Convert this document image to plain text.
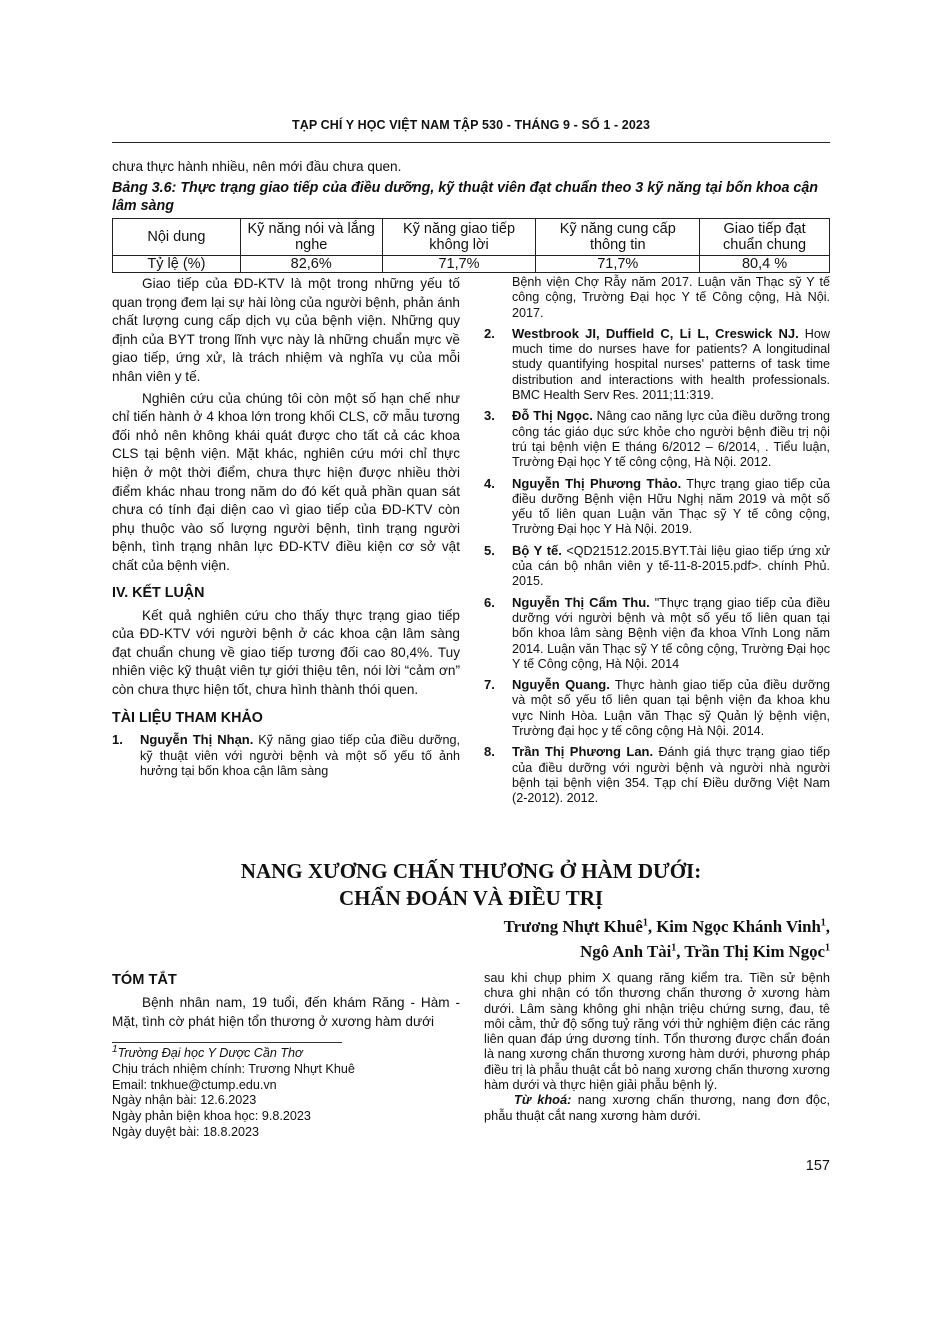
TẠP CHÍ Y HỌC VIỆT NAM TẬP 530 - THÁNG 9 - SỐ 1 - 2023

chưa thực hành nhiều, nên mới đầu chưa quen.

Bảng 3.6: Thực trạng giao tiếp của điều dưỡng, kỹ thuật viên đạt chuẩn theo 3 kỹ năng tại bốn khoa cận lâm sàng
Nội dung	Kỹ năng nói và lắng nghe	Kỹ năng giao tiếp không lời	Kỹ năng cung cấp thông tin	Giao tiếp đạt chuẩn chung
Tỷ lệ (%)	82,6%	71,7%	71,7%	80,4 %

Giao tiếp của ĐD-KTV là một trong những yếu tố quan trọng đem lại sự hài lòng của người bệnh, phản ánh chất lượng cung cấp dịch vụ của bệnh viện. Những quy định của BYT trong lĩnh vực này là những chuẩn mực về giao tiếp, ứng xử, là trách nhiệm và nghĩa vụ của mỗi nhân viên y tế.

Nghiên cứu của chúng tôi còn một số hạn chế như chỉ tiến hành ở 4 khoa lớn trong khối CLS, cỡ mẫu tương đối nhỏ nên không khái quát được cho tất cả các khoa CLS tại bệnh viện. Mặt khác, nghiên cứu mới chỉ thực hiện ở một thời điểm, chưa thực hiện được nhiều thời điểm khác nhau trong năm do đó kết quả phần quan sát chưa có tính đại diện cao vì giao tiếp của ĐD-KTV còn phụ thuộc vào số lượng người bệnh, tình trạng người bệnh, tình trạng nhân lực ĐD-KTV điều kiện cơ sở vật chất của bệnh viện.

IV. KẾT LUẬN

Kết quả nghiên cứu cho thấy thực trạng giao tiếp của ĐD-KTV với người bệnh ở các khoa cận lâm sàng đạt chuẩn chung về giao tiếp tương đối cao 80,4%. Tuy nhiên việc kỹ thuật viên tự giới thiệu tên, nói lời “cảm ơn” còn chưa thực hiện tốt, chưa hình thành thói quen.

TÀI LIỆU THAM KHẢO
1. Nguyễn Thị Nhạn. Kỹ năng giao tiếp của điều dưỡng, kỹ thuật viên với người bệnh và một số yếu tố ảnh hưởng tại bốn khoa cận lâm sàng
Bệnh viện Chợ Rẫy năm 2017. Luận văn Thạc sỹ Y tế công cộng, Trường Đại học Y tế Công cộng, Hà Nội. 2017.
2. Westbrook JI, Duffield C, Li L, Creswick NJ. How much time do nurses have for patients? A longitudinal study quantifying hospital nurses' patterns of task time distribution and interactions with health professionals. BMC Health Serv Res. 2011;11:319.
3. Đỗ Thị Ngọc. Nâng cao năng lực của điều dưỡng trong công tác giáo dục sức khỏe cho người bệnh điều trị nội trú tại bệnh viện E tháng 6/2012 – 6/2014, . Tiểu luận, Trường Đại học Y tế công cộng, Hà Nội. 2012.
4. Nguyễn Thị Phương Thảo. Thực trạng giao tiếp của điều dưỡng Bệnh viện Hữu Nghị năm 2019 và một số yếu tố liên quan Luận văn Thạc sỹ Y tế công cộng, Trường Đại học Y Hà Nội. 2019.
5. Bộ Y tế. <QD21512.2015.BYT.Tài liệu giao tiếp ứng xử của cán bộ nhân viên y tế-11-8-2015.pdf>. chính Phủ. 2015.
6. Nguyễn Thị Cẩm Thu. "Thực trạng giao tiếp của điều dưỡng với người bệnh và một số yếu tố liên quan tại bốn khoa lâm sàng Bệnh viện đa khoa Vĩnh Long năm 2014. Luận văn Thạc sỹ Y tế công cộng, Trường Đại học Y tế Công cộng, Hà Nội. 2014
7. Nguyễn Quang. Thực hành giao tiếp của điều dưỡng và một số yếu tố liên quan tại bệnh viện đa khoa khu vực Ninh Hòa. Luận văn Thạc sỹ Quản lý bệnh viện, Trường đại học y tế công cộng Hà Nội. 2014.
8. Trần Thị Phương Lan. Đánh giá thực trạng giao tiếp của điều dưỡng với người bệnh và người nhà người bệnh tại bệnh viện 354. Tạp chí Điều dưỡng Việt Nam (2-2012). 2012.
NANG XƯƠNG CHẤN THƯƠNG Ở HÀM DƯỚI:
CHẨN ĐOÁN VÀ ĐIỀU TRỊ
Trương Nhựt Khuê$^1$, Kim Ngọc Khánh Vinh$^1$,
Ngô Anh Tài$^1$, Trần Thị Kim Ngọc$^1$
TÓM TẮT

Bệnh nhân nam, 19 tuổi, đến khám Răng - Hàm - Mặt, tình cờ phát hiện tổn thương ở xương hàm dưới

$^1$Trường Đại học Y Dược Cần Thơ
Chịu trách nhiệm chính: Trương Nhựt Khuê
Email: tnkhue@ctump.edu.vn
Ngày nhận bài: 12.6.2023
Ngày phản biện khoa học: 9.8.2023
Ngày duyệt bài: 18.8.2023
sau khi chụp phim X quang răng kiểm tra. Tiền sử bệnh chưa ghi nhận có tổn thương chấn thương ở xương hàm dưới. Lâm sàng không ghi nhận triệu chứng sưng, đau, tê môi cằm, thử độ sống tuỷ răng với thử nghiệm điện các răng liên quan đáp ứng dương tính. Tổn thương được chẩn đoán là nang xương chấn thương xương hàm dưới, phương pháp điều trị là phẫu thuật cắt bỏ nang xương chấn thương xương hàm dưới và thực hiện giải phẫu bệnh lý.
Từ khoá: nang xương chấn thương, nang đơn độc, phẫu thuật cắt nang xương hàm dưới.
157
